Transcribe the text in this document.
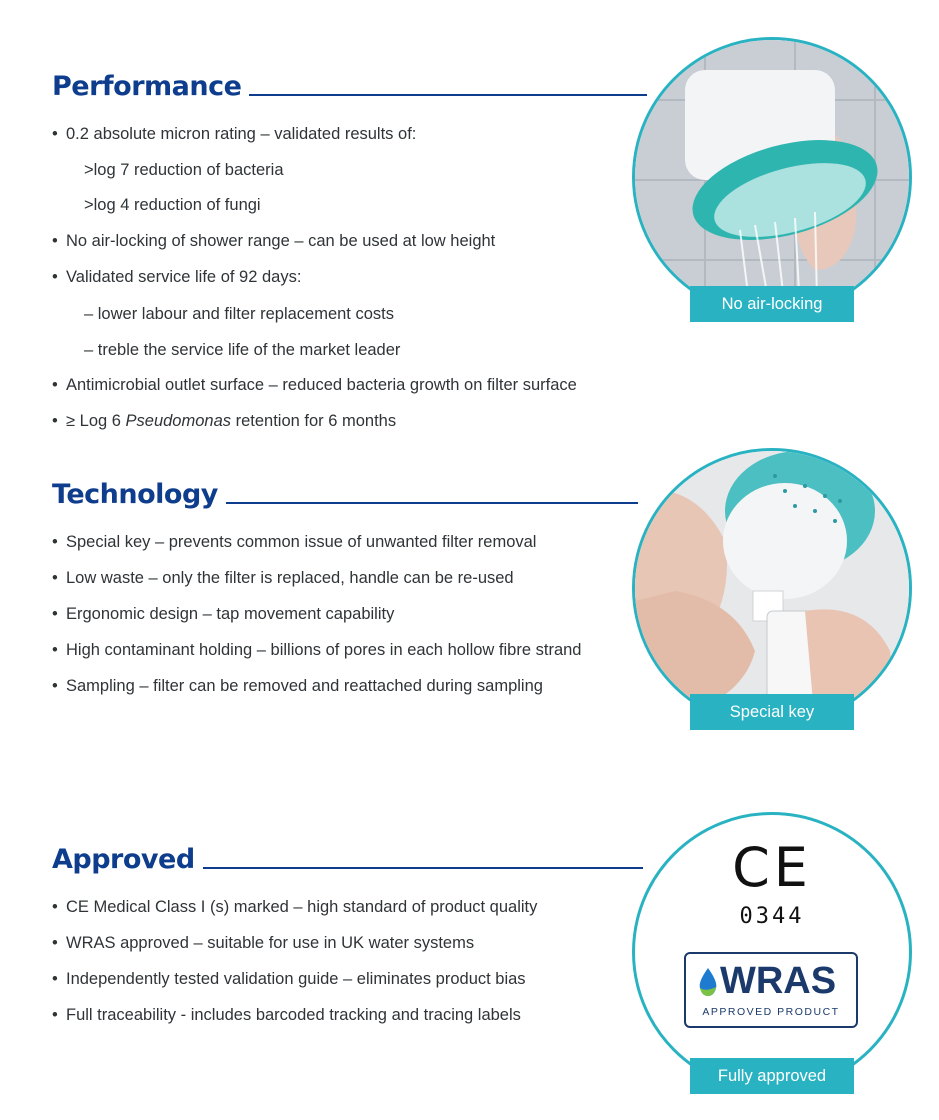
Performance
• 0.2 absolute micron rating – validated results of:
>log 7 reduction of bacteria
>log 4 reduction of fungi
• No air-locking of shower range – can be used at low height
• Validated service life of 92 days:
– lower labour and filter replacement costs
– treble the service life of the market leader
• Antimicrobial outlet surface – reduced bacteria growth on filter surface
• ≥ Log 6 Pseudomonas retention for 6 months
No air-locking
Technology
• Special key – prevents common issue of unwanted filter removal
• Low waste – only the filter is replaced, handle can be re-used
• Ergonomic design – tap movement capability
• High contaminant holding – billions of pores in each hollow fibre strand
• Sampling – filter can be removed and reattached during sampling
Special key
Approved
• CE Medical Class I (s) marked – high standard of product quality
• WRAS approved – suitable for use in UK water systems
• Independently tested validation guide – eliminates product bias
• Full traceability - includes barcoded tracking and tracing labels
CE
0344
WRAS
APPROVED PRODUCT
Fully approved
